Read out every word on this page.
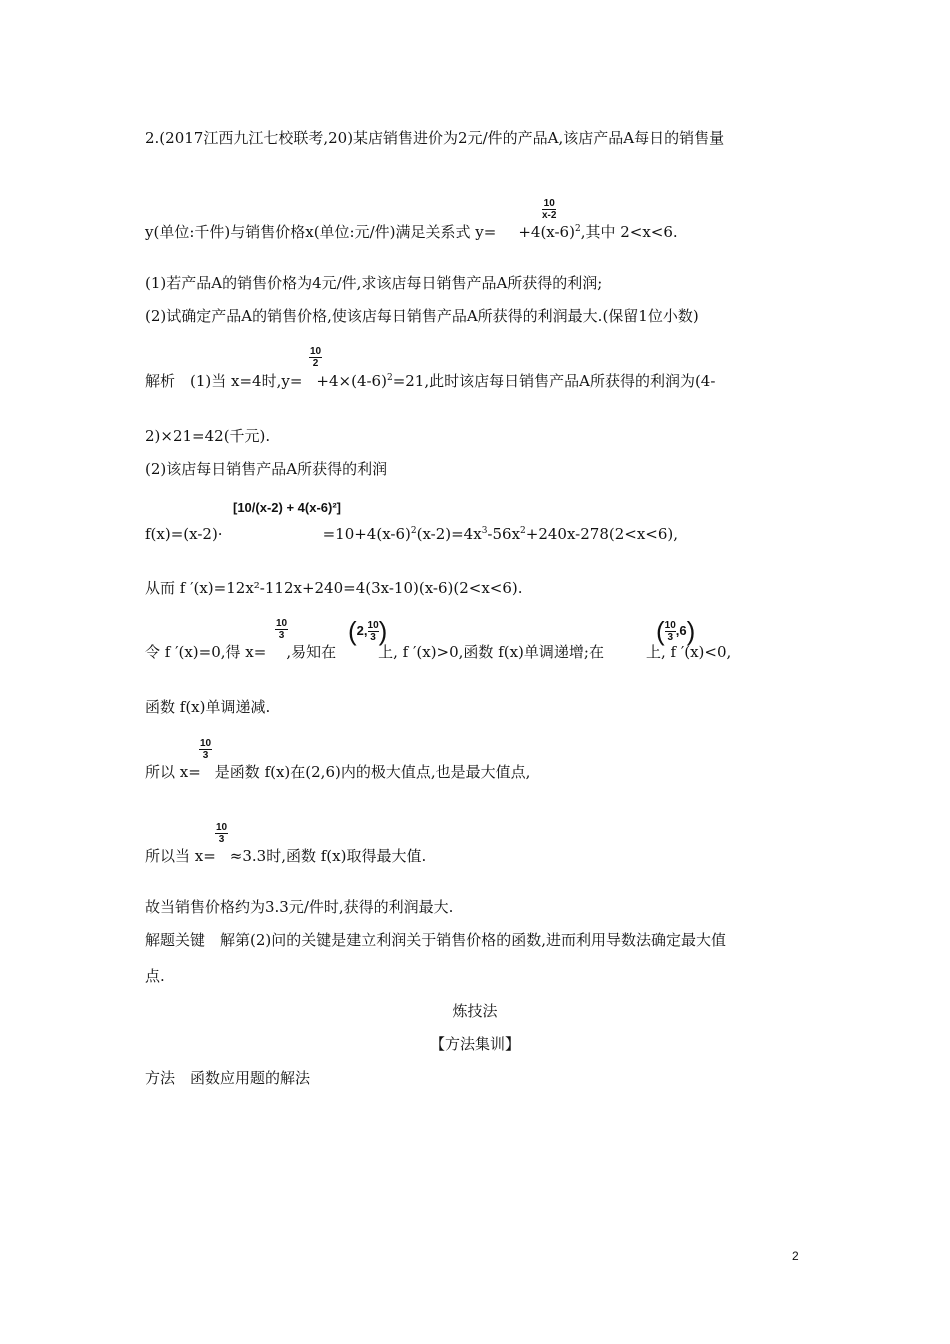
2.(2017江西九江七校联考,20)某店销售进价为2元/件的产品A,该店产品A每日的销售量
$\frac{10}{x-2}$
y(单位:千件)与销售价格x(单位:元/件)满足关系式 $y= +4(x-6)^2$,其中 2<x<6.
(1)若产品A的销售价格为4元/件,求该店每日销售产品A所获得的利润;
(2)试确定产品A的销售价格,使该店每日销售产品A所获得的利润最大.(保留1位小数)
$\frac{10}{2}$
解析　(1)当 x=4时$,y= +4\times(4-6)^2=21$,此时该店每日销售产品A所获得的利润为(4-
2)×21=42(千元).
(2)该店每日销售产品A所获得的利润
[10/(x-2) + 4(x-6)²]
f(x)=(x-2)·	$=10+4(x-6)^2(x-2)=4x^3-56x^2+240x-278(2<x<6)$,
从而 f ′(x)=12x²-112x+240=4(3x-10)(x-6)(2<x<6).
$\frac{10}{3} (2$, $\frac{10}{3}$ )	( $\frac{10}{3} ,6$)
令 f ′(x)=0,得 x= ,易知在	上, f ′(x)>0,函数 f(x)单调递增;在	上, f ′(x)<0,
函数 f(x)单调递减.
$\frac{10}{3}$
所以 x= 是函数 f(x)在(2,6)内的极大值点,也是最大值点,
$\frac{10}{3}$
所以当 x= ≈3.3时,函数 f(x)取得最大值.
故当销售价格约为3.3元/件时,获得的利润最大.
解题关键　解第(2)问的关键是建立利润关于销售价格的函数,进而利用导数法确定最大值
点.
炼技法
【方法集训】
方法　函数应用题的解法
2
